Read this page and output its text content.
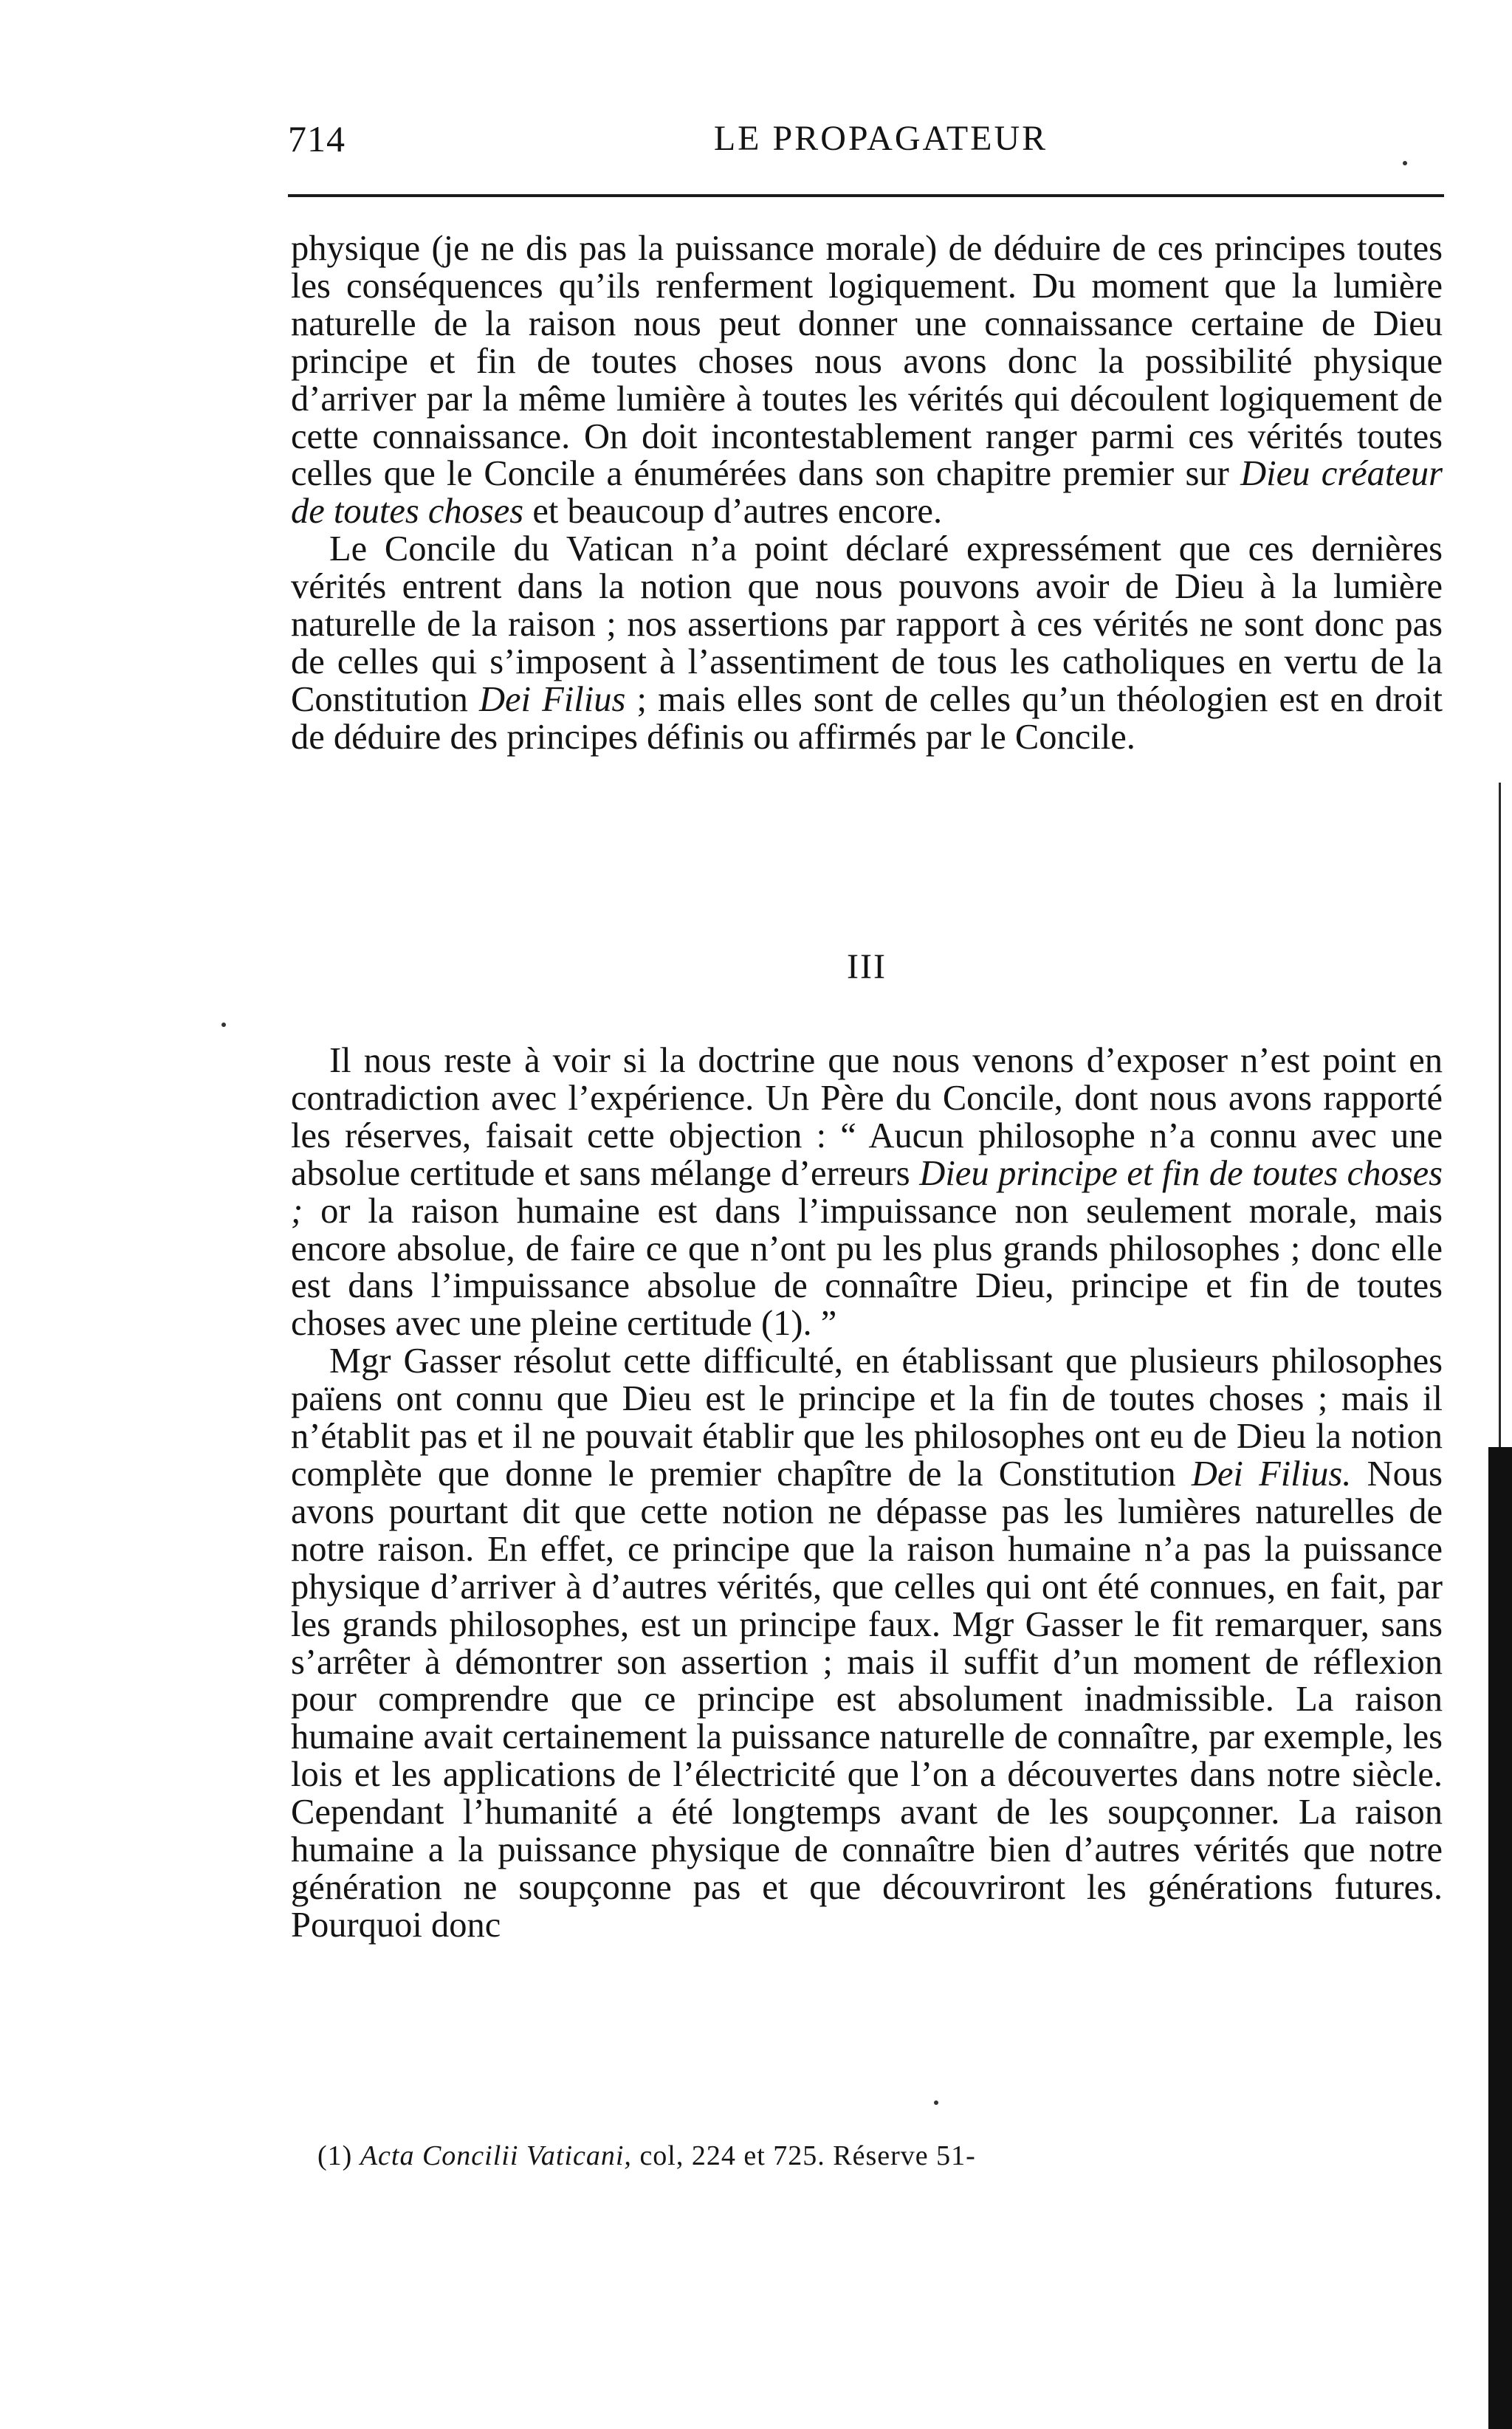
714	LE PROPAGATEUR

physique (je ne dis pas la puissance morale) de déduire de ces principes toutes les conséquences qu’ils renferment logiquement. Du moment que la lumière naturelle de la raison nous peut donner une connaissance certaine de Dieu principe et fin de toutes choses nous avons donc la possibilité physique d’arriver par la même lumière à toutes les vérités qui découlent logiquement de cette connaissance. On doit incontestablement ranger parmi ces vérités toutes celles que le Concile a énumérées dans son chapitre premier sur Dieu créateur de toutes choses et beaucoup d’autres encore.

Le Concile du Vatican n’a point déclaré expressément que ces dernières vérités entrent dans la notion que nous pouvons avoir de Dieu à la lumière naturelle de la raison ; nos assertions par rapport à ces vérités ne sont donc pas de celles qui s’imposent à l’assentiment de tous les catholiques en vertu de la Constitution Dei Filius ; mais elles sont de celles qu’un théologien est en droit de déduire des principes définis ou affirmés par le Concile.

III

Il nous reste à voir si la doctrine que nous venons d’exposer n’est point en contradiction avec l’expérience. Un Père du Concile, dont nous avons rapporté les réserves, faisait cette objection : “ Aucun philosophe n’a connu avec une absolue certitude et sans mélange d’erreurs Dieu principe et fin de toutes choses ; or la raison humaine est dans l’impuissance non seulement morale, mais encore absolue, de faire ce que n’ont pu les plus grands philosophes ; donc elle est dans l’impuissance absolue de connaître Dieu, principe et fin de toutes choses avec une pleine certitude (1). ”

Mgr Gasser résolut cette difficulté, en établissant que plusieurs philosophes païens ont connu que Dieu est le principe et la fin de toutes choses ; mais il n’établit pas et il ne pouvait établir que les philosophes ont eu de Dieu la notion complète que donne le premier chapître de la Constitution Dei Filius. Nous avons pourtant dit que cette notion ne dépasse pas les lumières naturelles de notre raison. En effet, ce principe que la raison humaine n’a pas la puissance physique d’arriver à d’autres vérités, que celles qui ont été connues, en fait, par les grands philosophes, est un principe faux. Mgr Gasser le fit remarquer, sans s’arrêter à démontrer son assertion ; mais il suffit d’un moment de réflexion pour comprendre que ce principe est absolument inadmissible. La raison humaine avait certainement la puissance naturelle de connaître, par exemple, les lois et les applications de l’électricité que l’on a découvertes dans notre siècle. Cependant l’humanité a été longtemps avant de les soupçonner. La raison humaine a la puissance physique de connaître bien d’autres vérités que notre génération ne soupçonne pas et que découvriront les générations futures. Pourquoi donc

(1) Acta Concilii Vaticani, col, 224 et 725. Réserve 51-
